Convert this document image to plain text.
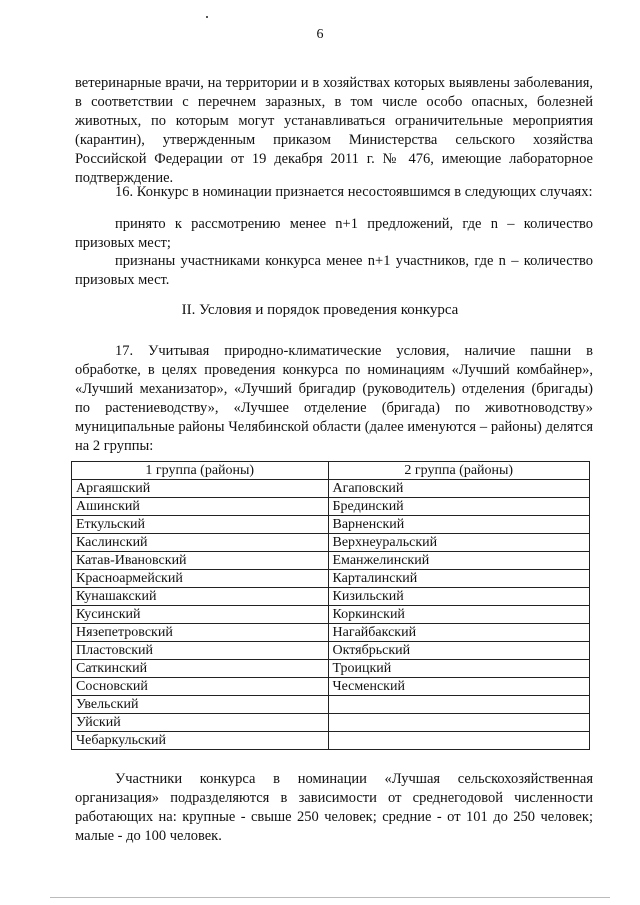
6

ветеринарные врачи, на территории и в хозяйствах которых выявлены заболевания, в соответствии с перечнем заразных, в том числе особо опасных, болезней животных, по которым могут устанавливаться ограничительные мероприятия (карантин), утвержденным приказом Министерства сельского хозяйства Российской Федерации от 19 декабря 2011 г. № 476, имеющие лабораторное подтверждение.

16. Конкурс в номинации признается несостоявшимся в следующих случаях:

принято к рассмотрению менее n+1 предложений, где n – количество призовых мест;

признаны участниками конкурса менее n+1 участников, где n – количество призовых мест.

II. Условия и порядок проведения конкурса

17. Учитывая природно-климатические условия, наличие пашни в обработке, в целях проведения конкурса по номинациям «Лучший комбайнер», «Лучший механизатор», «Лучший бригадир (руководитель) отделения (бригады) по растениеводству», «Лучшее отделение (бригада) по животноводству» муниципальные районы Челябинской области (далее именуются – районы) делятся на 2 группы:

1 группа (районы)	2 группа (районы)
Аргаяшский	Агаповский
Ашинский	Брединский
Еткульский	Варненский
Каслинский	Верхнеуральский
Катав-Ивановский	Еманжелинский
Красноармейский	Карталинский
Кунашакский	Кизильский
Кусинский	Коркинский
Нязепетровский	Нагайбакский
Пластовский	Октябрьский
Саткинский	Троицкий
Сосновский	Чесменский
Увельский	
Уйский	
Чебаркульский	

Участники конкурса в номинации «Лучшая сельскохозяйственная организация» подразделяются в зависимости от среднегодовой численности работающих на: крупные - свыше 250 человек; средние - от 101 до 250 человек; малые - до 100 человек.
